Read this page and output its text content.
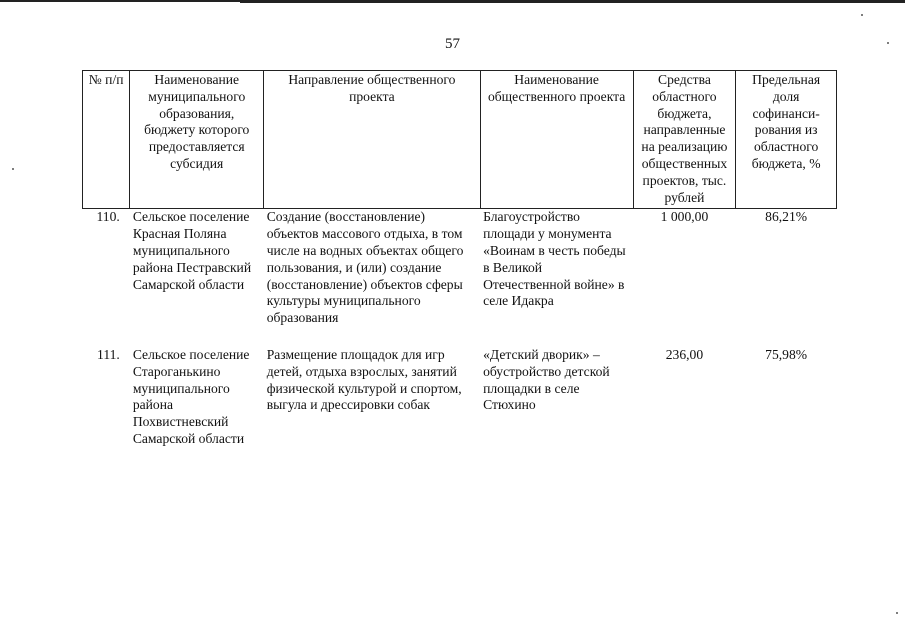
57
№ п/п	Наименование муниципального образования, бюджету которого предоставляется субсидия	Направление общественного проекта	Наименование общественного проекта	Средства областного бюджета, направленные на реализацию общественных проектов, тыс. рублей	Предельная доля софинанси-рования из областного бюджета, %
110.	Сельское поселение Красная Поляна муниципального района Пестравский Самарской области	Создание (восстановление) объектов массового отдыха, в том числе на водных объектах общего пользования, и (или) создание (восстановление) объектов сферы культуры муниципального образования	Благоустройство площади у монумента «Воинам в честь победы в Великой Отечественной войне» в селе Идакра	1 000,00	86,21%

111.	Сельское поселение Староганькино муниципального района Похвистневский Самарской области	Размещение площадок для игр детей, отдыха взрослых, занятий физической культурой и спортом, выгула и дрессировки собак	«Детский дворик» – обустройство детской площадки в селе Стюхино	236,00	75,98%
